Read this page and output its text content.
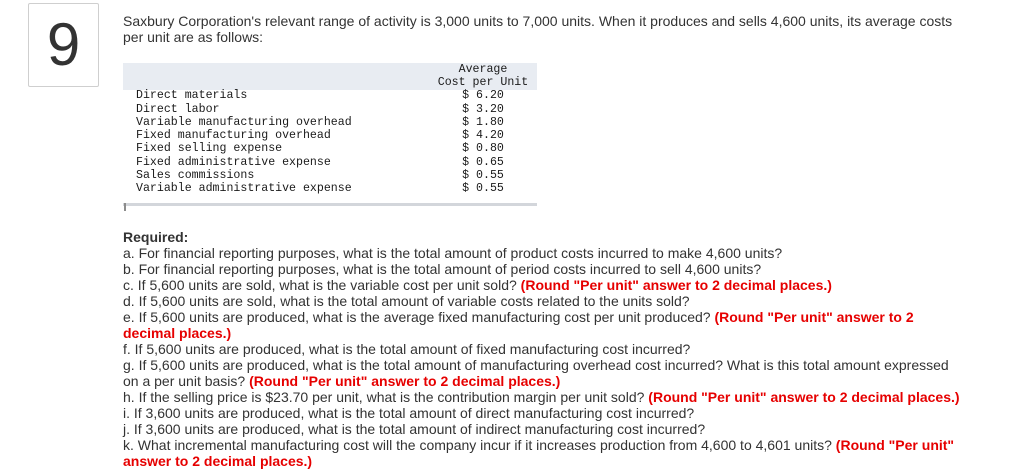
9	Saxbury Corporation's relevant range of activity is 3,000 units to 7,000 units. When it produces and sells 4,600 units, its average costs
per unit are as follows:
Average
Cost per Unit
Direct materials	$ 6.20
Direct labor	$ 3.20
Variable manufacturing overhead	$ 1.80
Fixed manufacturing overhead	$ 4.20
Fixed selling expense	$ 0.80
Fixed administrative expense	$ 0.65
Sales commissions	$ 0.55
Variable administrative expense	$ 0.55
Required:
a. For financial reporting purposes, what is the total amount of product costs incurred to make 4,600 units?
b. For financial reporting purposes, what is the total amount of period costs incurred to sell 4,600 units?
c. If 5,600 units are sold, what is the variable cost per unit sold? (Round "Per unit" answer to 2 decimal places.)
d. If 5,600 units are sold, what is the total amount of variable costs related to the units sold?
e. If 5,600 units are produced, what is the average fixed manufacturing cost per unit produced? (Round "Per unit" answer to 2
decimal places.)
f. If 5,600 units are produced, what is the total amount of fixed manufacturing cost incurred?
g. If 5,600 units are produced, what is the total amount of manufacturing overhead cost incurred? What is this total amount expressed
on a per unit basis? (Round "Per unit" answer to 2 decimal places.)
h. If the selling price is $23.70 per unit, what is the contribution margin per unit sold? (Round "Per unit" answer to 2 decimal places.)
i. If 3,600 units are produced, what is the total amount of direct manufacturing cost incurred?
j. If 3,600 units are produced, what is the total amount of indirect manufacturing cost incurred?
k. What incremental manufacturing cost will the company incur if it increases production from 4,600 to 4,601 units? (Round "Per unit"
answer to 2 decimal places.)
